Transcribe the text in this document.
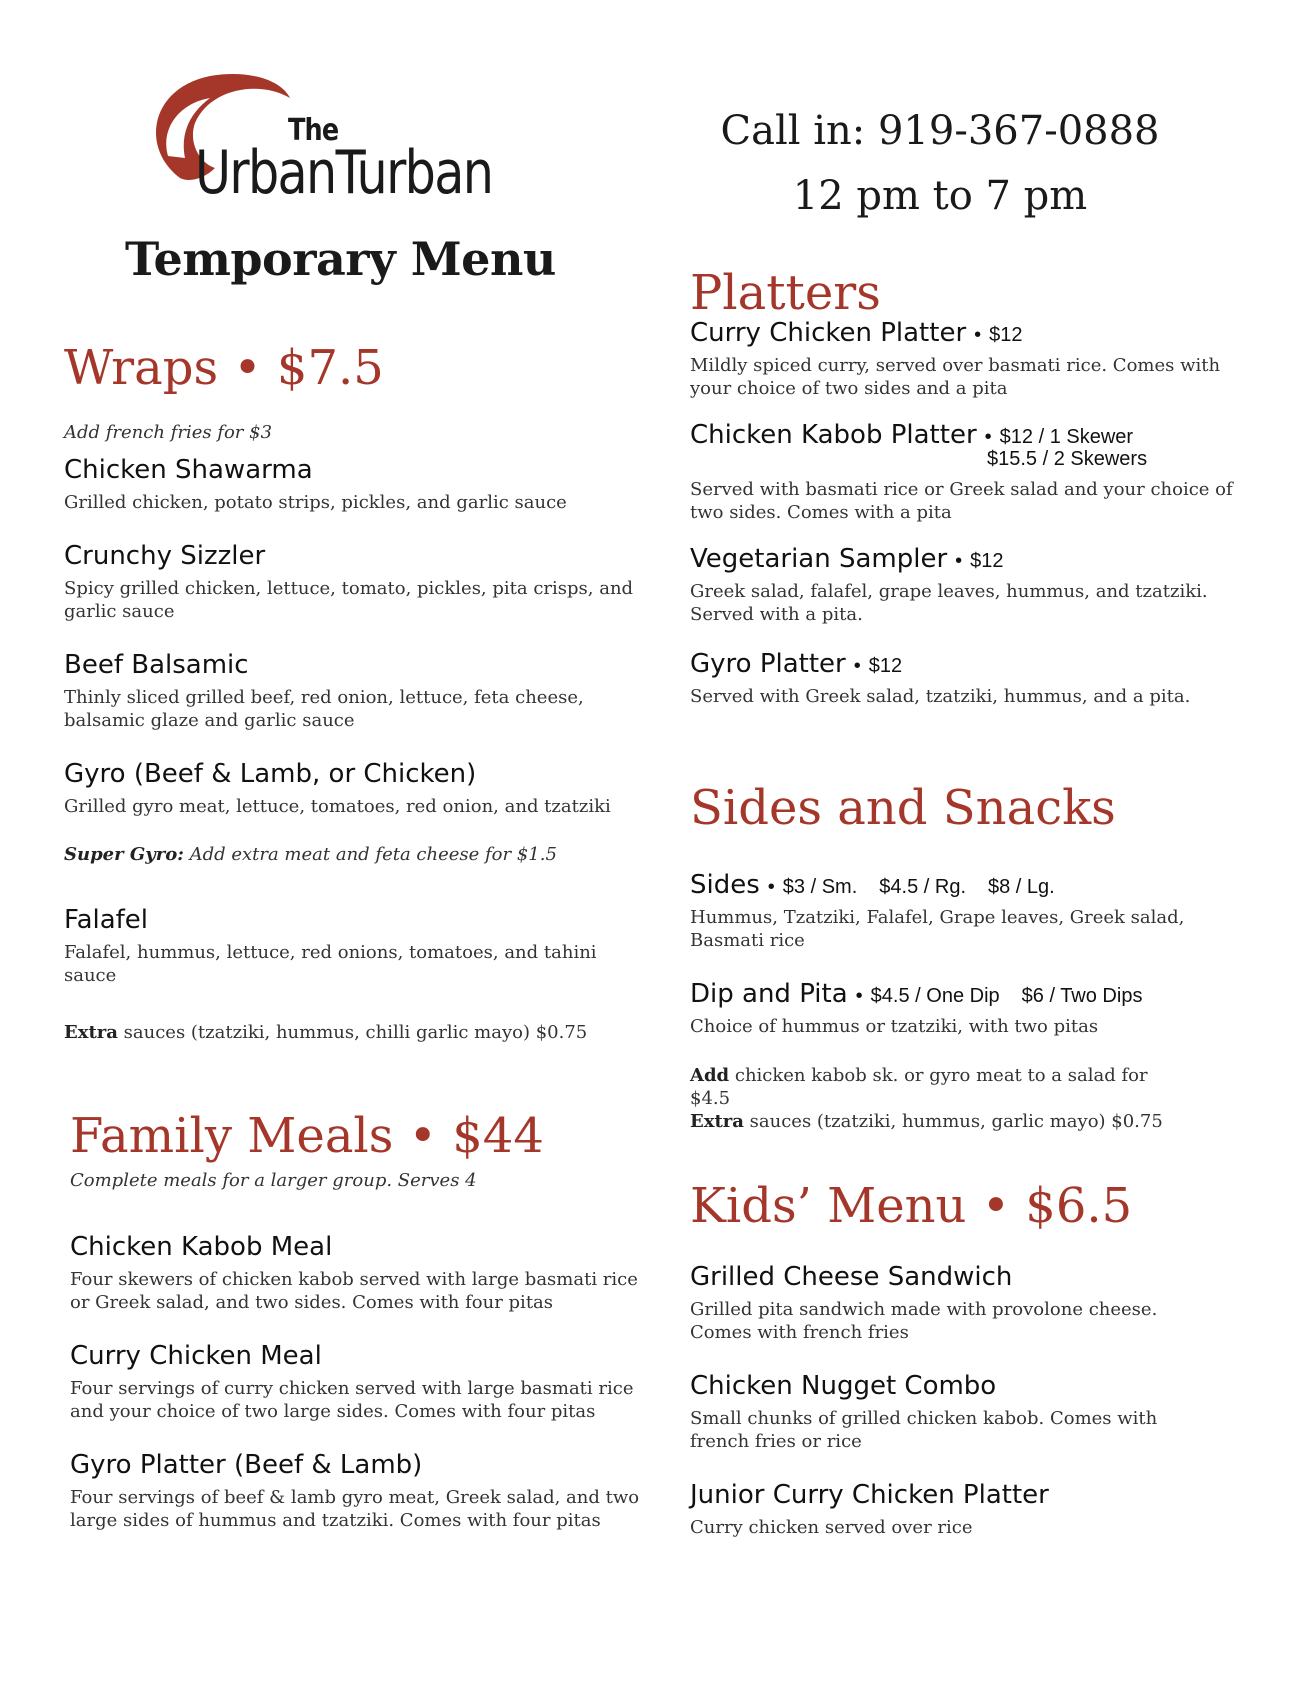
The
UrbanTurban
Temporary Menu
Call in: 919-367-0888
12 pm to 7 pm
Wraps • $7.5
Add french fries for $3
Chicken Shawarma
Grilled chicken, potato strips, pickles, and garlic sauce
Crunchy Sizzler
Spicy grilled chicken, lettuce, tomato, pickles, pita crisps, and garlic sauce
Beef Balsamic
Thinly sliced grilled beef, red onion, lettuce, feta cheese, balsamic glaze and garlic sauce
Gyro (Beef & Lamb, or Chicken)
Grilled gyro meat, lettuce, tomatoes, red onion, and tzatziki
Super Gyro: Add extra meat and feta cheese for $1.5
Falafel
Falafel, hummus, lettuce, red onions, tomatoes, and tahini sauce
Extra sauces (tzatziki, hummus, chilli garlic mayo) $0.75
Family Meals • $44
Complete meals for a larger group. Serves 4
Chicken Kabob Meal
Four skewers of chicken kabob served with large basmati rice or Greek salad, and two sides. Comes with four pitas
Curry Chicken Meal
Four servings of curry chicken served with large basmati rice and your choice of two large sides. Comes with four pitas
Gyro Platter (Beef & Lamb)
Four servings of beef & lamb gyro meat, Greek salad, and two large sides of hummus and tzatziki. Comes with four pitas
Platters
Curry Chicken Platter • $12
Mildly spiced curry, served over basmati rice. Comes with your choice of two sides and a pita
Chicken Kabob Platter • $12 / 1 Skewer
$15.5 / 2 Skewers
Served with basmati rice or Greek salad and your choice of two sides. Comes with a pita
Vegetarian Sampler • $12
Greek salad, falafel, grape leaves, hummus, and tzatziki. Served with a pita.
Gyro Platter • $12
Served with Greek salad, tzatziki, hummus, and a pita.
Sides and Snacks
Sides • $3 / Sm. $4.5 / Rg. $8 / Lg.
Hummus, Tzatziki, Falafel, Grape leaves, Greek salad, Basmati rice
Dip and Pita • $4.5 / One Dip $6 / Two Dips
Choice of hummus or tzatziki, with two pitas
Add chicken kabob sk. or gyro meat to a salad for $4.5
Extra sauces (tzatziki, hummus, garlic mayo) $0.75
Kids’ Menu • $6.5
Grilled Cheese Sandwich
Grilled pita sandwich made with provolone cheese. Comes with french fries
Chicken Nugget Combo
Small chunks of grilled chicken kabob. Comes with french fries or rice
Junior Curry Chicken Platter
Curry chicken served over rice
